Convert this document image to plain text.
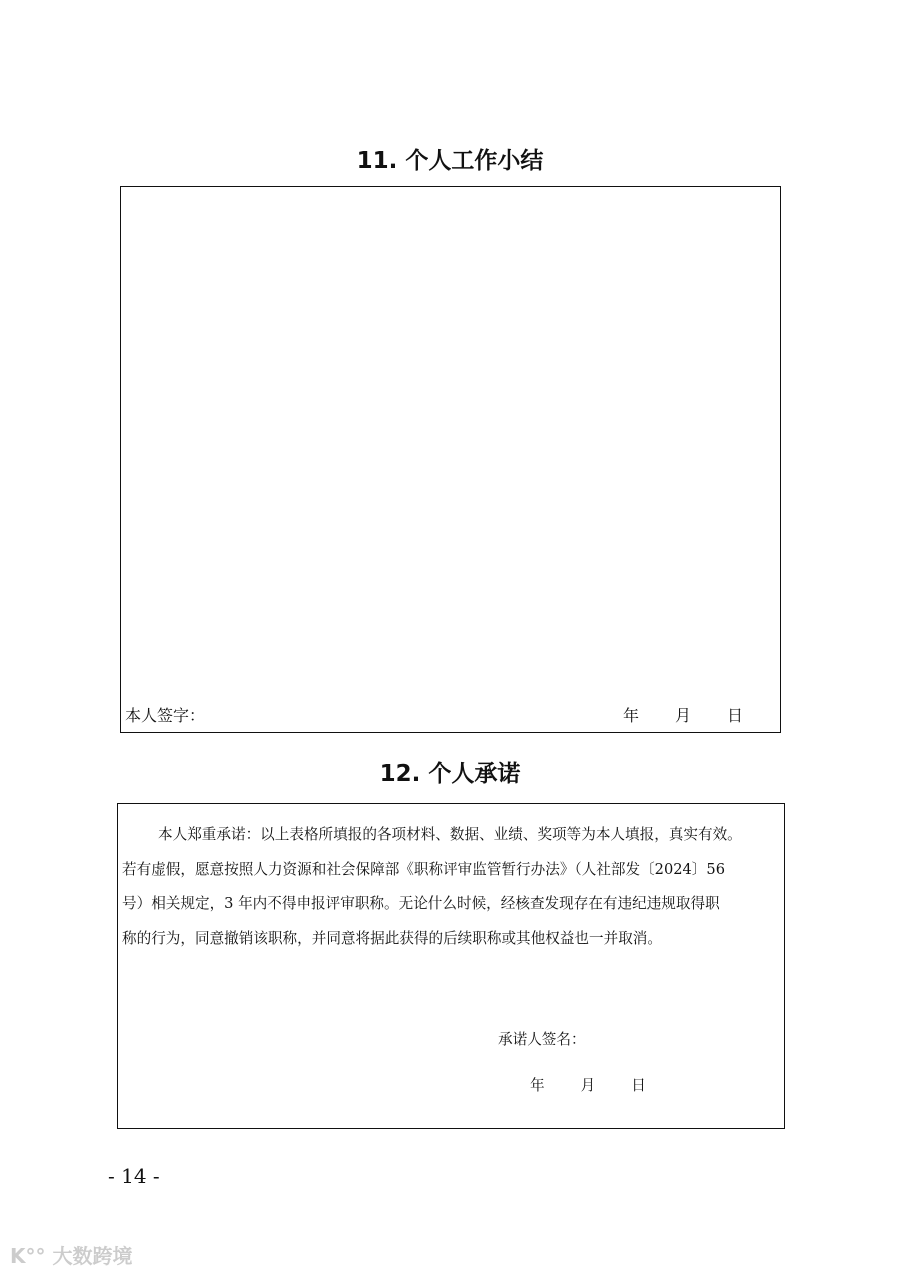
11. 个人工作小结
本人签字：	年 月 日
12. 个人承诺

本人郑重承诺：以上表格所填报的各项材料、数据、业绩、奖项等为本人填报，真实有效。

若有虚假，愿意按照人力资源和社会保障部《职称评审监管暂行办法》（人社部发〔2024〕56

号）相关规定，3 年内不得申报评审职称。无论什么时候，经核查发现存在有违纪违规取得职

称的行为，同意撤销该职称，并同意将据此获得的后续职称或其他权益也一并取消。

承诺人签名：
年 月 日
- 14 -
K°° 大数跨境
